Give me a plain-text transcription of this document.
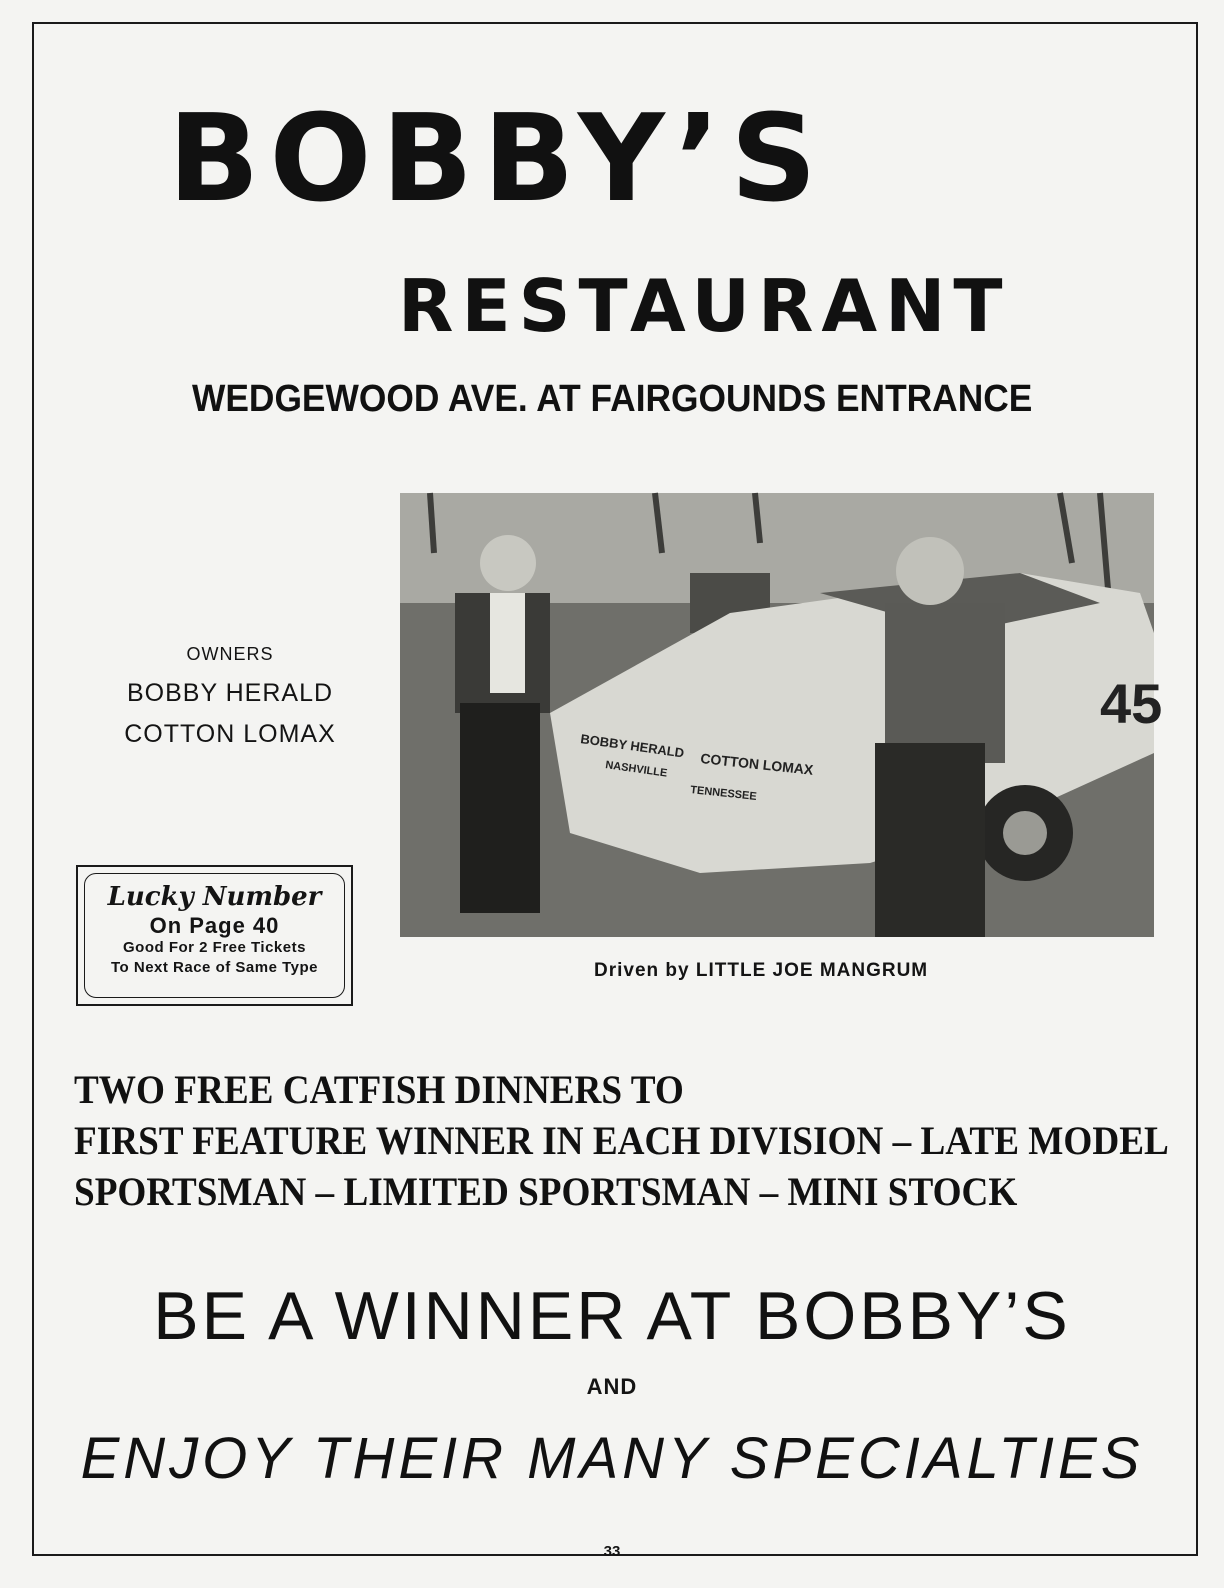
BOBBY’S
RESTAURANT
WEDGEWOOD AVE. AT FAIRGOUNDS ENTRANCE
OWNERS
BOBBY HERALD
COTTON LOMAX	BOBBY HERALD
NASHVILLE COTTON LOMAX
TENNESSEE
45
Driven by LITTLE JOE MANGRUM
Lucky Number
On Page 40
Good For 2 Free Tickets
To Next Race of Same Type
TWO FREE CATFISH DINNERS TO
FIRST FEATURE WINNER IN EACH DIVISION – LATE MODEL
SPORTSMAN – LIMITED SPORTSMAN – MINI STOCK
BE A WINNER AT BOBBY’S
AND
ENJOY THEIR MANY SPECIALTIES
33
